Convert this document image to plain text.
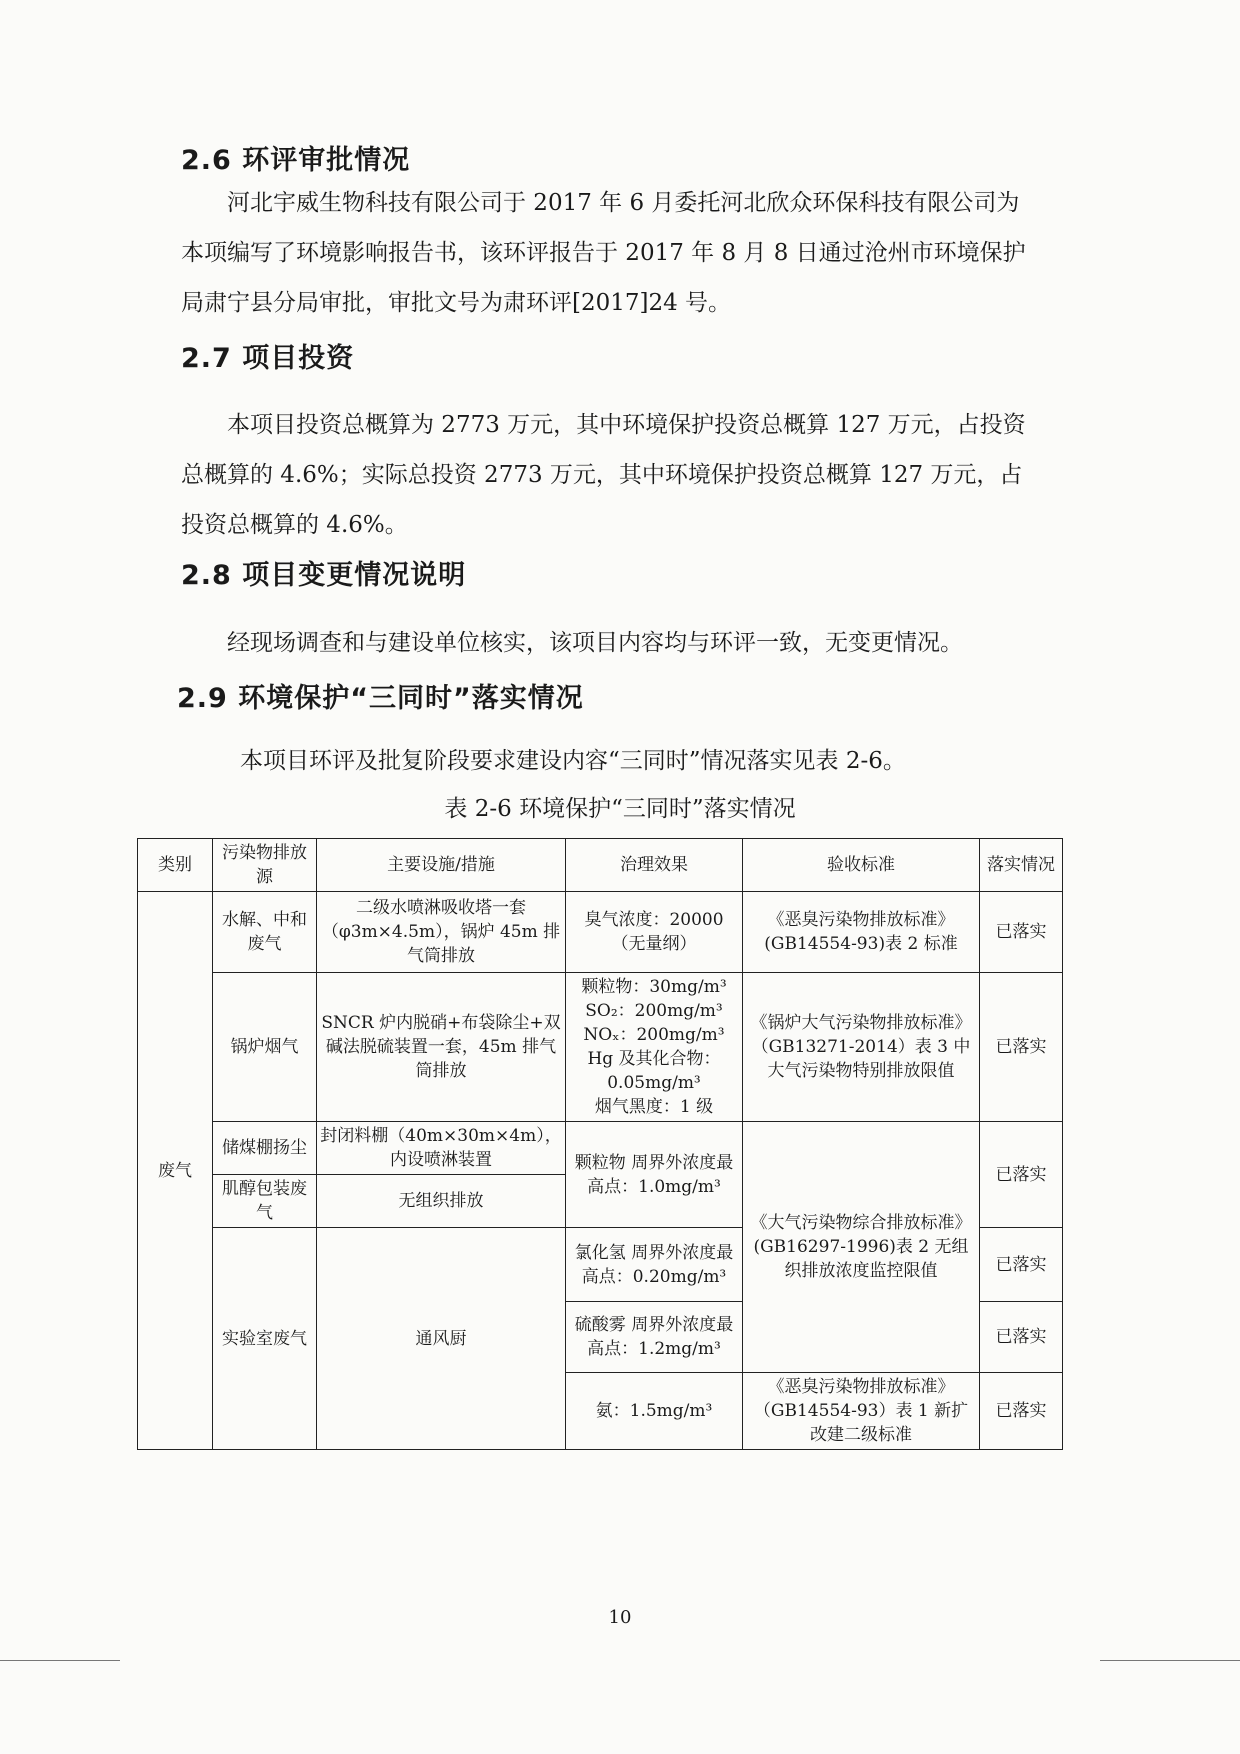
2.6 环评审批情况
河北宇威生物科技有限公司于 2017 年 6 月委托河北欣众环保科技有限公司为本项编写了环境影响报告书，该环评报告于 2017 年 8 月 8 日通过沧州市环境保护局肃宁县分局审批，审批文号为肃环评[2017]24 号。
2.7 项目投资
本项目投资总概算为 2773 万元，其中环境保护投资总概算 127 万元，占投资总概算的 4.6%；实际总投资 2773 万元，其中环境保护投资总概算 127 万元，占投资总概算的 4.6%。
2.8 项目变更情况说明
经现场调查和与建设单位核实，该项目内容均与环评一致，无变更情况。
2.9 环境保护“三同时”落实情况
本项目环评及批复阶段要求建设内容“三同时”情况落实见表 2-6。
表 2-6 环境保护“三同时”落实情况
类别	污染物排放源	主要设施/措施	治理效果	验收标准	落实情况
废气	水解、中和废气	二级水喷淋吸收塔一套（φ3m×4.5m），锅炉 45m 排气筒排放	臭气浓度：20000（无量纲）	《恶臭污染物排放标准》(GB14554-93)表 2 标准	已落实
	锅炉烟气	SNCR 炉内脱硝+布袋除尘+双碱法脱硫装置一套，45m 排气筒排放	颗粒物：30mg/m³
SO₂：200mg/m³
NOₓ：200mg/m³
Hg 及其化合物：0.05mg/m³
烟气黑度：1 级	《锅炉大气污染物排放标准》（GB13271-2014）表 3 中大气污染物特别排放限值	已落实
	储煤棚扬尘	封闭料棚（40m×30m×4m），内设喷淋装置	颗粒物 周界外浓度最高点：1.0mg/m³	《大气污染物综合排放标准》(GB16297-1996)表 2 无组织排放浓度监控限值	已落实
	肌醇包装废气	无组织排放			
	实验室废气	通风厨	氯化氢 周界外浓度最高点：0.20mg/m³		已落实
			硫酸雾 周界外浓度最高点：1.2mg/m³		已落实
			氨：1.5mg/m³	《恶臭污染物排放标准》（GB14554-93）表 1 新扩改建二级标准	已落实
10
